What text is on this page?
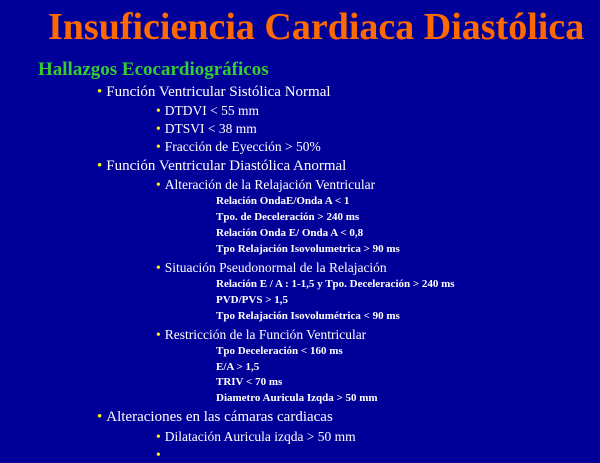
Insuficiencia Cardiaca Diastólica
Hallazgos Ecocardiográficos
• Función Ventricular Sistólica Normal
• DTDVI < 55 mm
• DTSVI < 38 mm
• Fracción de Eyección > 50%
• Función Ventricular Diastólica Anormal
• Alteración de la Relajación Ventricular
Relación OndaE/Onda A < 1
Tpo. de Deceleración > 240 ms
Relación Onda E/ Onda A < 0,8
Tpo Relajación Isovolumetrica > 90 ms
• Situación Pseudonormal de la Relajación
Relación E / A : 1-1,5 y Tpo. Deceleración > 240 ms
PVD/PVS > 1,5
Tpo Relajación Isovolumétrica < 90 ms
• Restricción de la Función Ventricular
Tpo Deceleración < 160 ms
E/A > 1,5
TRIV < 70 ms
Diametro Auricula Izqda > 50 mm
• Alteraciones en las cámaras cardiacas
• Dilatación Auricula izqda > 50 mm
•
